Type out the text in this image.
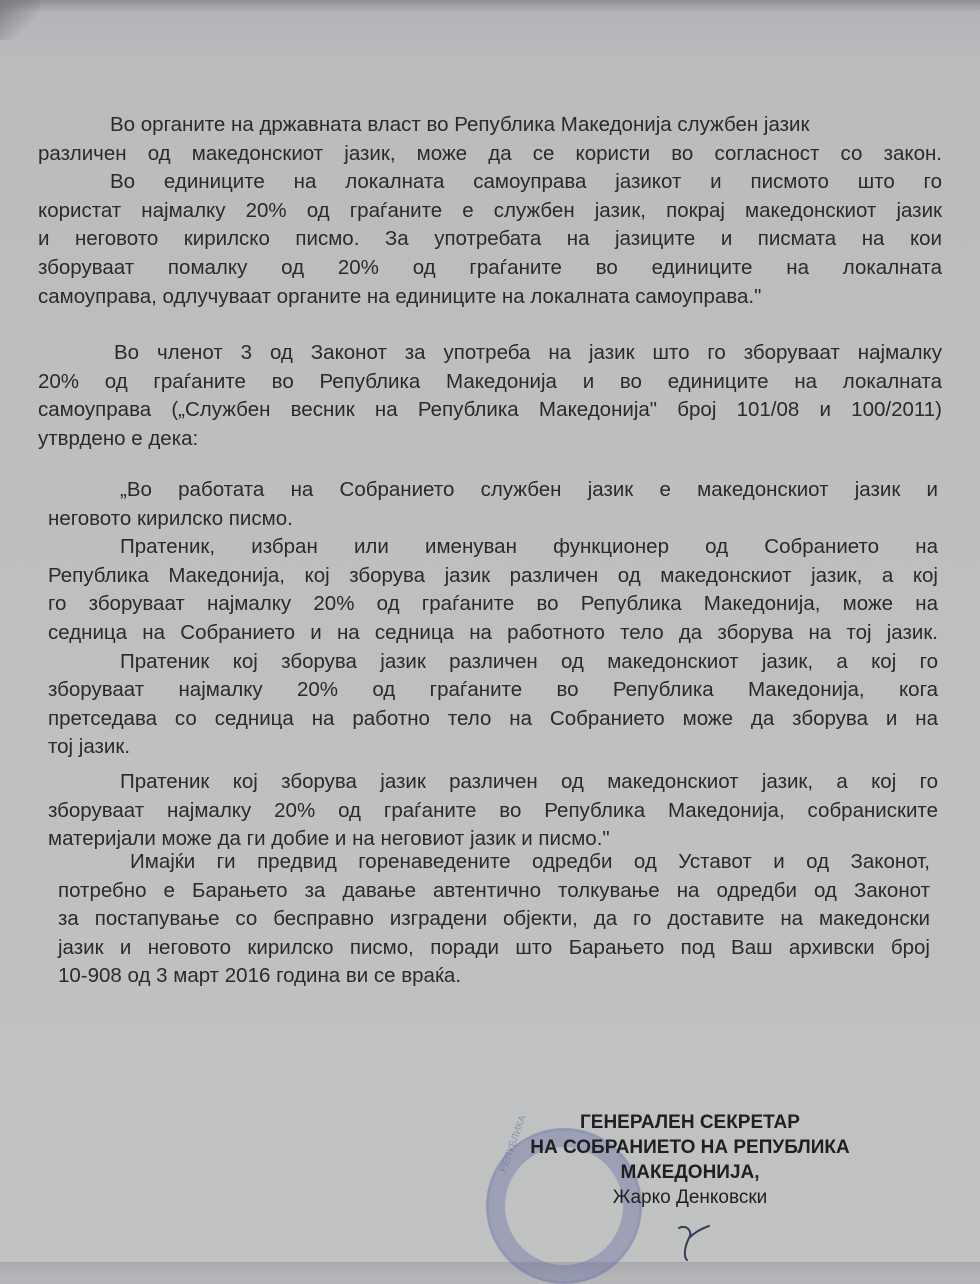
Во органите на државната власт во Република Македонија службен јазик
различен од македонскиот јазик, може да се користи во согласност со закон.
Во единиците на локалната самоуправа јазикот и писмото што го
користат најмалку 20% од граѓаните е службен јазик, покрај македонскиот јазик
и неговото кирилско писмо. За употребата на јазиците и писмата на кои
зборуваат помалку од 20% од граѓаните во единиците на локалната
самоуправа, одлучуваат органите на единиците на локалната самоуправа."
Во членот 3 од Законот за употреба на јазик што го зборуваат најмалку
20% од граѓаните во Република Македонија и во единиците на локалната
самоуправа („Службен весник на Република Македонија" број 101/08 и 100/2011)
утврдено е дека:
„Во работата на Собранието службен јазик е македонскиот јазик и
неговото кирилско писмо.
Пратеник, избран или именуван функционер од Собранието на
Република Македонија, кој зборува јазик различен од македонскиот јазик, а кој
го зборуваат најмалку 20% од граѓаните во Република Македонија, може на
седница на Собранието и на седница на работното тело да зборува на тој јазик.
Пратеник кој зборува јазик различен од македонскиот јазик, а кој го
зборуваат најмалку 20% од граѓаните во Република Македонија, кога
претседава со седница на работно тело на Собранието може да зборува и на
тој јазик.
Пратеник кој зборува јазик различен од македонскиот јазик, а кој го
зборуваат најмалку 20% од граѓаните во Република Македонија, собраниските
материјали може да ги добие и на неговиот јазик и писмо."
Имајќи ги предвид горенаведените одредби од Уставот и од Законот,
потребно е Барањето за давање автентично толкување на одредби од Законот
за постапување со бесправно изградени објекти, да го доставите на македонски
јазик и неговото кирилско писмо, поради што Барањето под Ваш архивски број
10-908 од 3 март 2016 година ви се враќа.
РЕПУБЛИКА	ГЕНЕРАЛЕН СЕКРЕТАР
НА СОБРАНИЕТО НА РЕПУБЛИКА
МАКЕДОНИЈА,
Жарко Денковски
